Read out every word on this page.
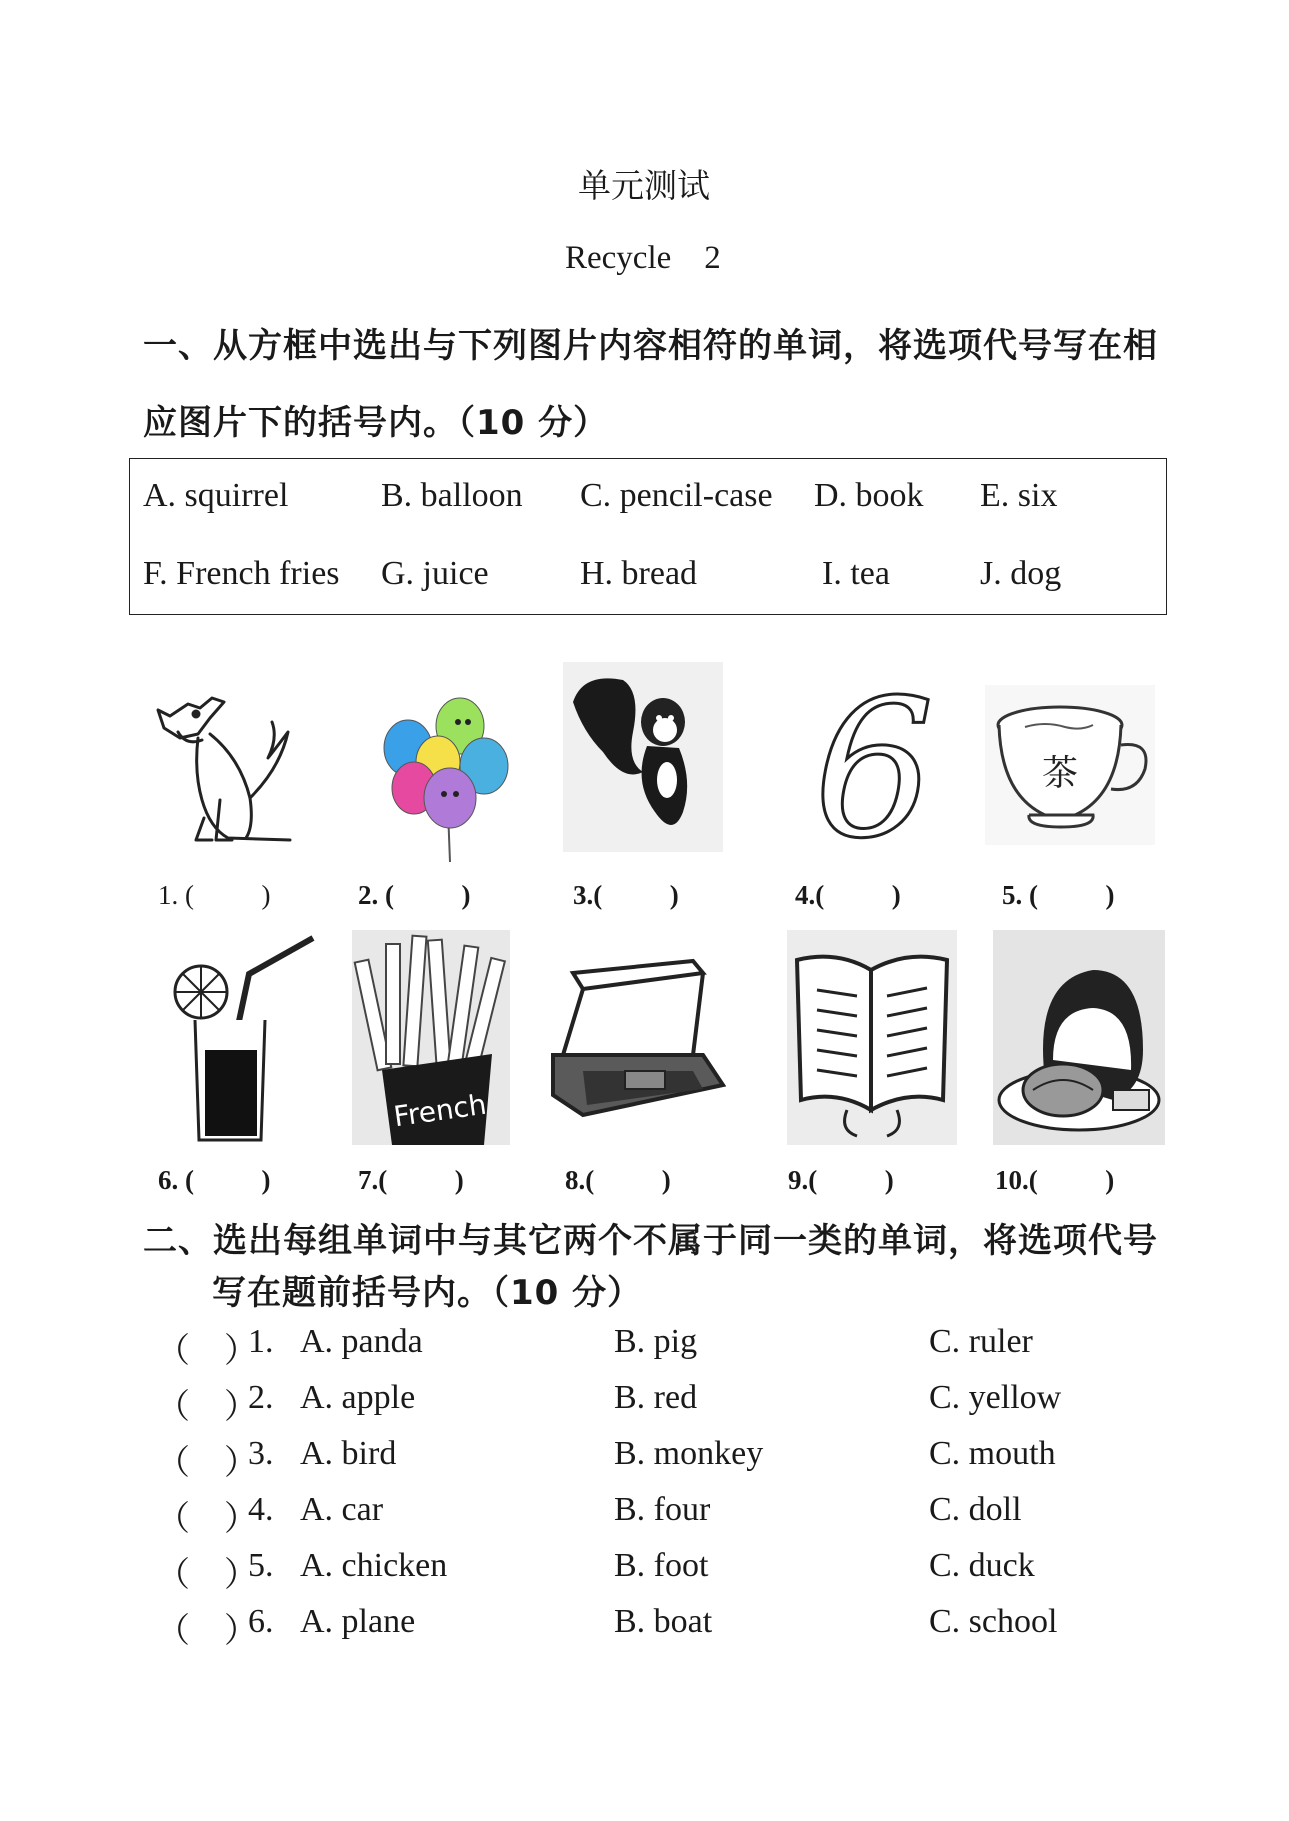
单元测试
Recycle    2
一、从方框中选出与下列图片内容相符的单词，将选项代号写在相
应图片下的括号内。（10 分）
A. squirrel	B. balloon C. pencil-case D. book E. six
F. French fries G. juice	H. bread	I. tea	J. dog
6	茶
1. (          )	2. (          )	3.(          )	4.(          )	5. (          )
French
6. (          )	7.(          )	8.(          )	9.(          )	10.(          )
二、选出每组单词中与其它两个不属于同一类的单词，将选项代号
写在题前括号内。（10 分）
（    ）
1. A. panda	B. pig	C. ruler
（    ）
2. A. apple	B. red	C. yellow
（    ）
3. A. bird	B. monkey	C. mouth
（    ）
4. A. car	B. four	C. doll
（    ）
5. A. chicken	B. foot	C. duck
（    ）
6. A. plane	B. boat	C. school
